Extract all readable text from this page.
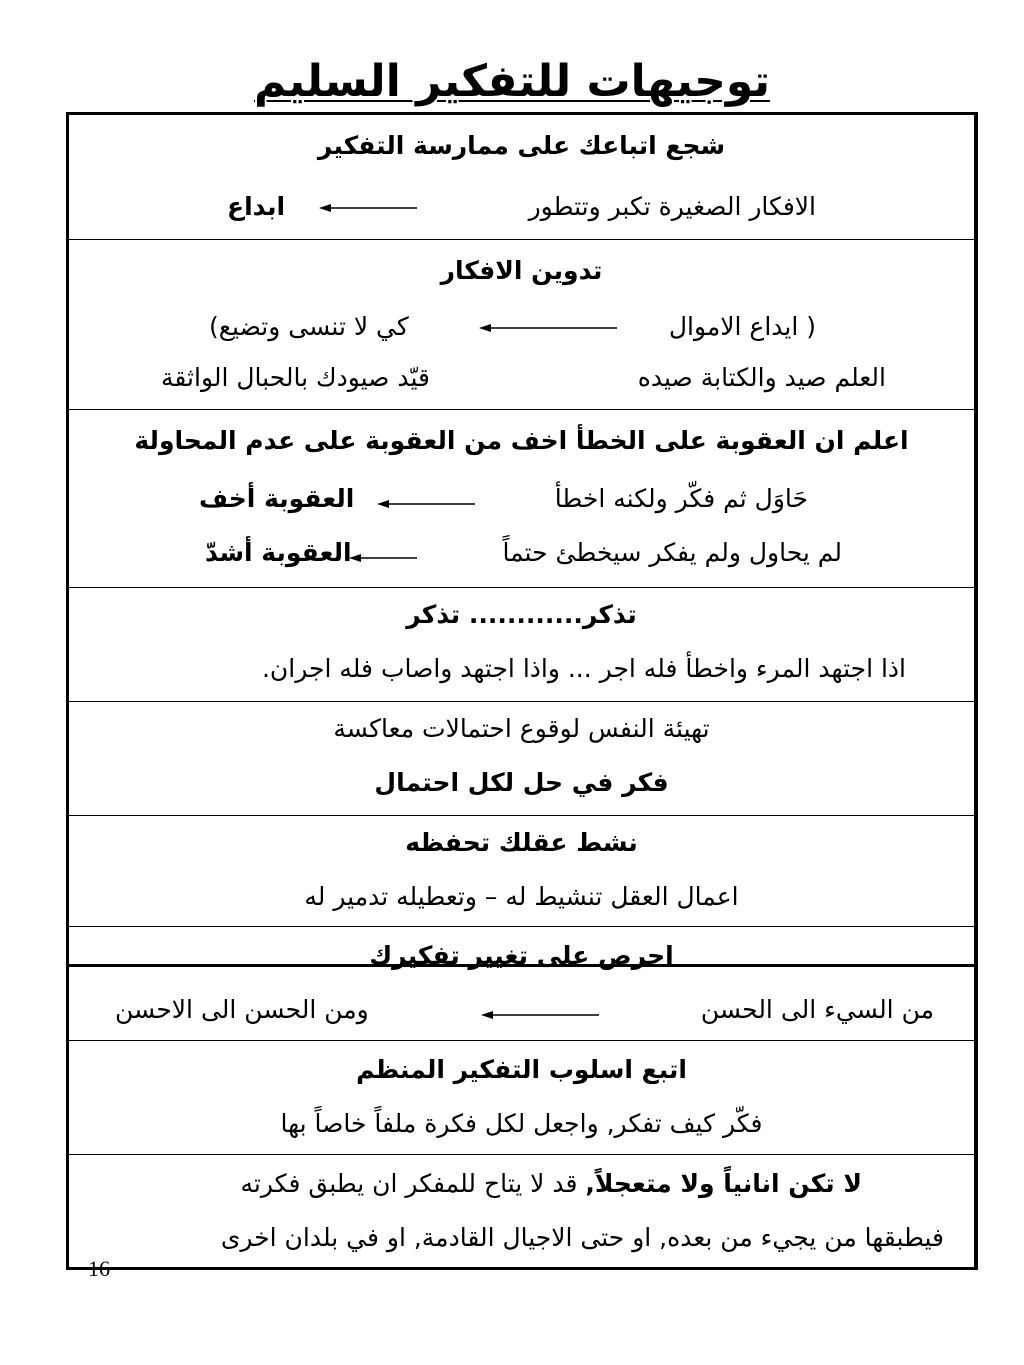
توجيهات للتفكير السليم
شجع اتباعك على ممارسة التفكير
الافكار الصغيرة تكبر وتتطور
ابداع
تدوين الافكار
( ايداع الاموال
كي لا تنسى وتضيع)
العلم صيد والكتابة صيده
قيّد صيودك بالحبال الواثقة
اعلم ان العقوبة على الخطأ اخف من العقوبة على عدم المحاولة
حَاوَل ثم فكّر ولكنه اخطأ
العقوبة أخف
لم يحاول ولم يفكر سيخطئ حتماً
العقوبة أشدّ
تذكر............ تذكر
اذا اجتهد المرء واخطأ فله اجر ... واذا اجتهد واصاب فله اجران.
تهيئة النفس لوقوع احتمالات معاكسة
فكر في حل لكل احتمال
نشط عقلك تحفظه
اعمال العقل تنشيط له – وتعطيله تدمير له
احرص على تغيير تفكيرك
من السيء الى الحسن
ومن الحسن الى الاحسن
اتبع اسلوب التفكير المنظم
فكّر كيف تفكر, واجعل لكل فكرة ملفاً خاصاً بها
لا تكن انانياً ولا متعجلاً, قد لا يتاح للمفكر ان يطبق فكرته
فيطبقها من يجيء من بعده, او حتى الاجيال القادمة, او في بلدان اخرى
16
